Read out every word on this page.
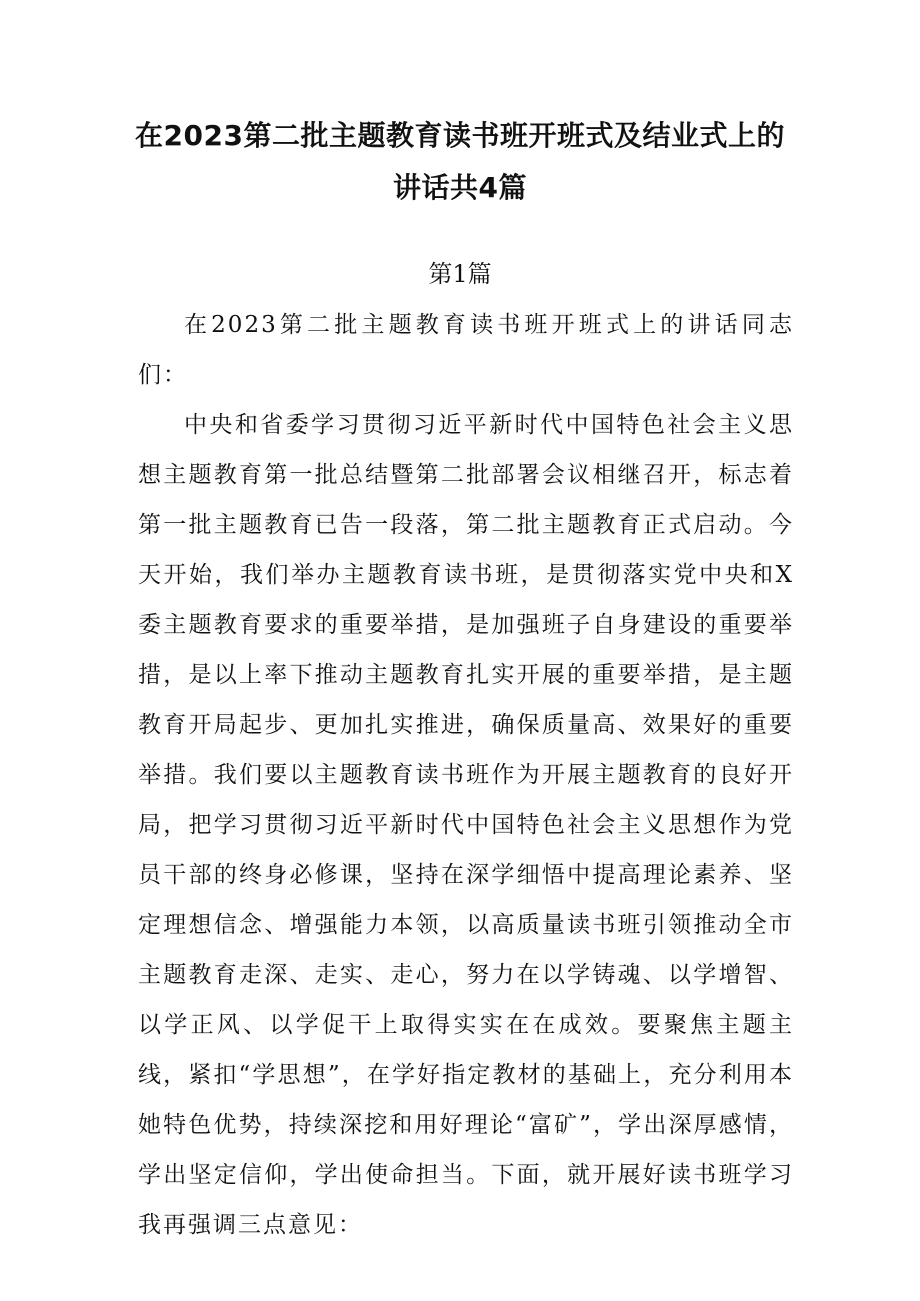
在2023第二批主题教育读书班开班式及结业式上的
讲话共4篇
第1篇

在2023第二批主题教育读书班开班式上的讲话同志们：

中央和省委学习贯彻习近平新时代中国特色社会主义思想主题教育第一批总结暨第二批部署会议相继召开，标志着第一批主题教育已告一段落，第二批主题教育正式启动。今天开始，我们举办主题教育读书班，是贯彻落实党中央和X委主题教育要求的重要举措，是加强班子自身建设的重要举措，是以上率下推动主题教育扎实开展的重要举措，是主题教育开局起步、更加扎实推进，确保质量高、效果好的重要举措。我们要以主题教育读书班作为开展主题教育的良好开局，把学习贯彻习近平新时代中国特色社会主义思想作为党员干部的终身必修课，坚持在深学细悟中提高理论素养、坚定理想信念、增强能力本领，以高质量读书班引领推动全市主题教育走深、走实、走心，努力在以学铸魂、以学增智、以学正风、以学促干上取得实实在在成效。要聚焦主题主线，紧扣“学思想”，在学好指定教材的基础上，充分利用本她特色优势，持续深挖和用好理论“富矿”，学出深厚感情，学出坚定信仰，学出使命担当。下面，就开展好读书班学习我再强调三点意见：
